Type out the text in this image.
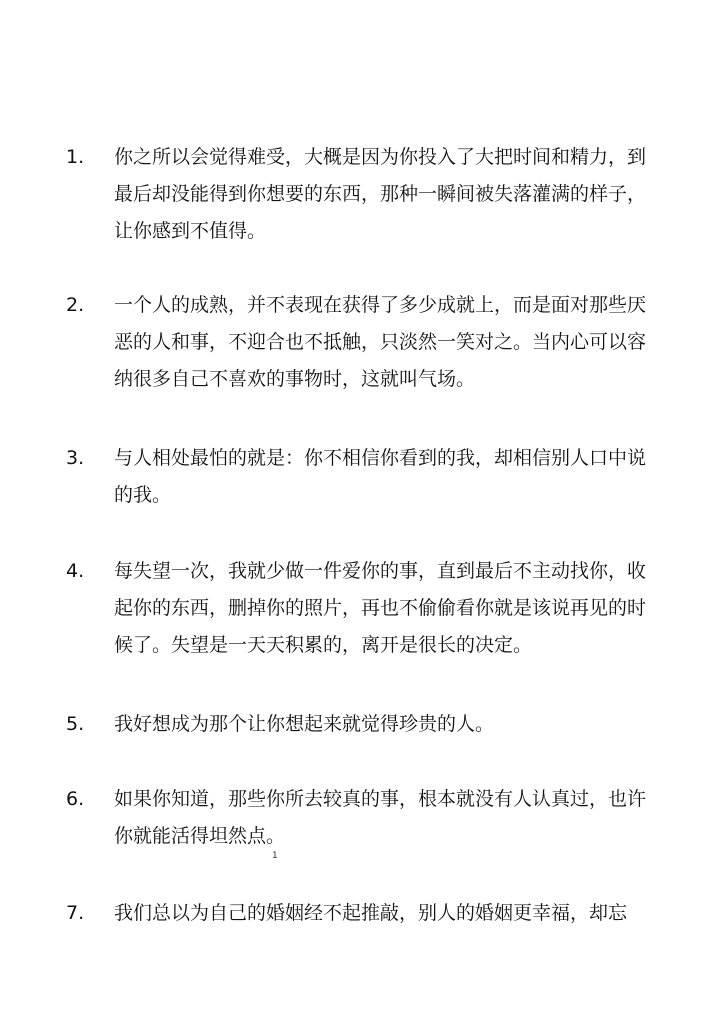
1. 你之所以会觉得难受，大概是因为你投入了大把时间和精力，到最后却没能得到你想要的东西，那种一瞬间被失落灌满的样子，让你感到不值得。
2. 一个人的成熟，并不表现在获得了多少成就上，而是面对那些厌恶的人和事，不迎合也不抵触，只淡然一笑对之。当内心可以容纳很多自己不喜欢的事物时，这就叫气场。
3. 与人相处最怕的就是：你不相信你看到的我，却相信别人口中说的我。
4. 每失望一次，我就少做一件爱你的事，直到最后不主动找你，收起你的东西，删掉你的照片，再也不偷偷看你就是该说再见的时候了。失望是一天天积累的，离开是很长的决定。
5. 我好想成为那个让你想起来就觉得珍贵的人。
6. 如果你知道，那些你所去较真的事，根本就没有人认真过，也许你就能活得坦然点。
1
7. 我们总以为自己的婚姻经不起推敲，别人的婚姻更幸福，却忘
